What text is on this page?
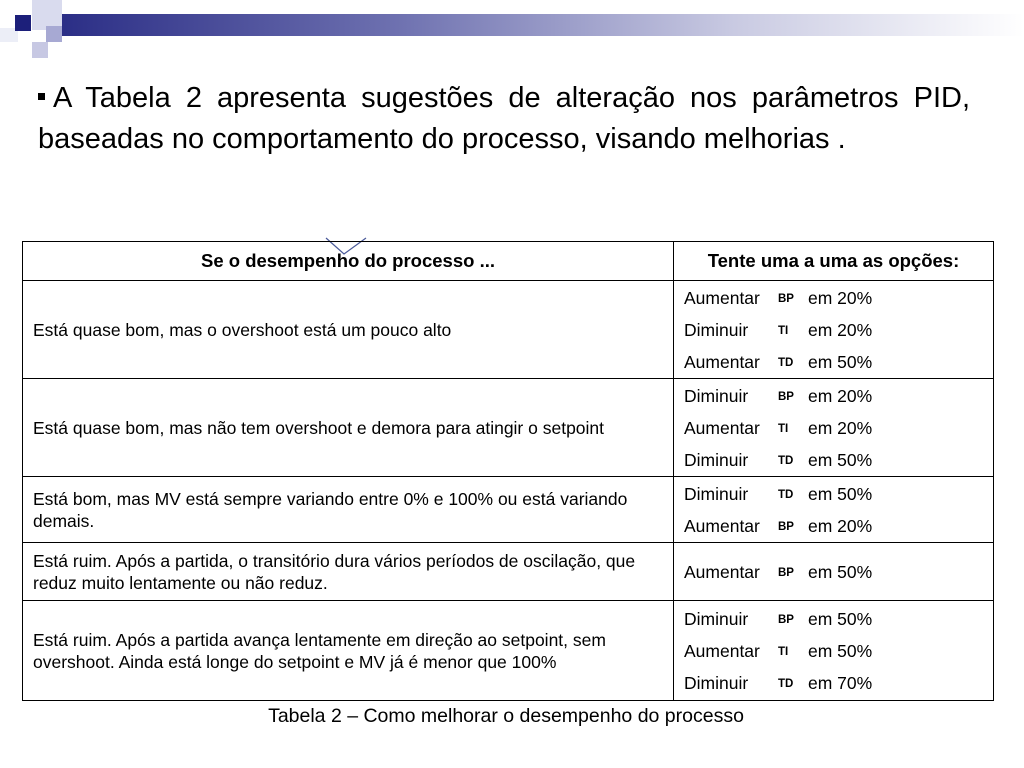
A Tabela 2 apresenta sugestões de alteração nos parâmetros PID, baseadas no comportamento do processo, visando melhorias .
Se o desempenho do processo ...	Tente uma a uma as opções:
Está quase bom, mas o overshoot está um pouco alto	Aumentar BP em 20%
Diminuir TI em 20%
Aumentar TD em 50%

Está quase bom, mas não tem overshoot e demora para atingir o setpoint	Diminuir BP em 20%
Aumentar TI em 20%
Diminuir TD em 50%

Está bom, mas MV está sempre variando entre 0% e 100% ou está variando demais.	Diminuir TD em 50%
Aumentar BP em 20%

Está ruim. Após a partida, o transitório dura vários períodos de oscilação, que reduz muito lentamente ou não reduz.	Aumentar BP em 50%

Está ruim. Após a partida avança lentamente em direção ao setpoint, sem overshoot. Ainda está longe do setpoint e MV já é menor que 100%	Diminuir BP em 50%
Aumentar TI em 50%
Diminuir TD em 70%
Tabela 2 – Como melhorar o desempenho do processo
